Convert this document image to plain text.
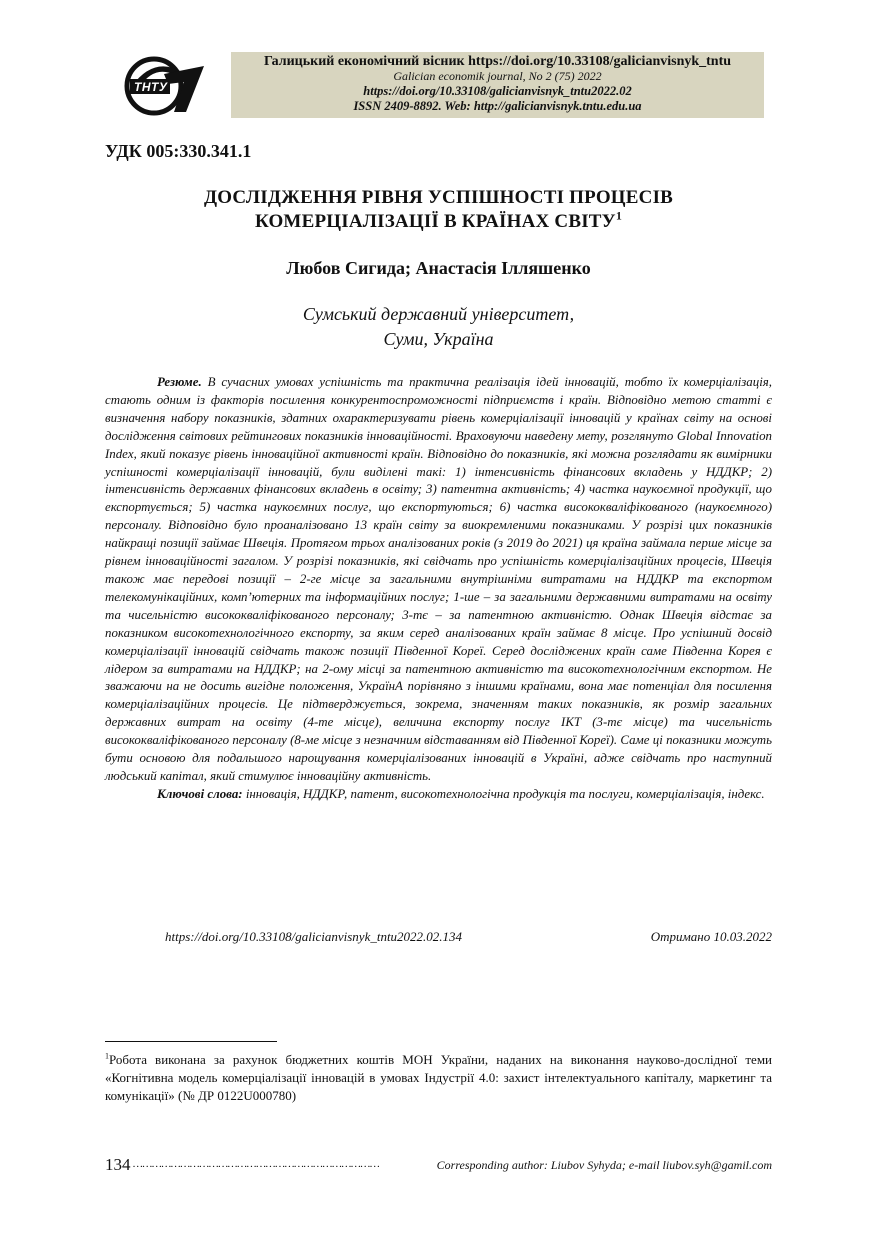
ТНТУ
Галицький економічний вісник https://doi.org/10.33108/galicianvisnyk_tntu
Galician economik journal, No 2 (75) 2022
https://doi.org/10.33108/galicianvisnyk_tntu2022.02
ISSN 2409-8892. Web: http://galicianvisnyk.tntu.edu.ua
УДК 005:330.341.1
ДОСЛІДЖЕННЯ РІВНЯ УСПІШНОСТІ ПРОЦЕСІВ
КОМЕРЦІАЛІЗАЦІЇ В КРАЇНАХ СВІТУ$^1$
Любов Сигида; Анастасія Ілляшенко
Сумський державний університет,
Суми, Україна

Резюме. В сучасних умовах успішність та практична реалізація ідей інновацій, тобто їх комерціалізація, стають одним із факторів посилення конкурентоспроможності підприємств і країн. Відповідно метою статті є визначення набору показників, здатних охарактеризувати рівень комерціалізації інновацій у країнах світу на основі дослідження світових рейтингових показників інноваційності. Враховуючи наведену мету, розглянуто Global Innovation Index, який показує рівень інноваційної активності країн. Відповідно до показників, які можна розглядати як вимірники успішності комерціалізації інновацій, були виділені такі: 1) інтенсивність фінансових вкладень у НДДКР; 2) інтенсивність державних фінансових вкладень в освіту; 3) патентна активність; 4) частка наукоємної продукції, що експортується; 5) частка наукоємних послуг, що експортуються; 6) частка висококваліфікованого (наукоємного) персоналу. Відповідно було проаналізовано 13 країн світу за виокремленими показниками. У розрізі цих показників найкращі позиції займає Швеція. Протягом трьох аналізованих років (з 2019 до 2021) ця країна займала перше місце за рівнем інноваційності загалом. У розрізі показників, які свідчать про успішність комерціалізаційних процесів, Швеція також має передові позиції – 2-ге місце за загальними внутрішніми витратами на НДДКР та експортом телекомунікаційних, комп’ютерних та інформаційних послуг; 1-ше – за загальними державними витратами на освіту та чисельністю висококваліфікованого персоналу; 3-тє – за патентною активністю. Однак Швеція відстає за показником високотехнологічного експорту, за яким серед аналізованих країн займає 8 місце. Про успішний досвід комерціалізації інновацій свідчать також позиції Південної Кореї. Серед досліджених країн саме Південна Корея є лідером за витратами на НДДКР; на 2-ому місці за патентною активністю та високотехнологічним експортом. Не зважаючи на не досить вигідне положення, УкраїнА порівняно з іншими країнами, вона має потенціал для посилення комерціалізаційних процесів. Це підтверджується, зокрема, значенням таких показників, як розмір загальних державних витрат на освіту (4-те місце), величина експорту послуг ІКТ (3-тє місце) та чисельність висококваліфікованого персоналу (8-ме місце з незначним відставанням від Південної Кореї). Саме ці показники можуть бути основою для подальшого нарощування комерціалізованих інновацій в Україні, адже свідчать про наступний людський капітал, який стимулює інноваційну активність.

Ключові слова: інновація, НДДКР, патент, високотехнологічна продукція та послуги, комерціалізація, індекс.

https://doi.org/10.33108/galicianvisnyk_tntu2022.02.134	Отримано 10.03.2022
$^1$Робота виконана за рахунок бюджетних коштів МОН України, наданих на виконання науково-дослідної теми «Когнітивна модель комерціалізації інновацій в умовах Індустрії 4.0: захист інтелектуального капіталу, маркетинг та комунікації» (№ ДР 0122U000780)
134 ……………………………………………………………………	Corresponding author: Liubov Syhyda; e-mail liubov.syh@gamil.com
